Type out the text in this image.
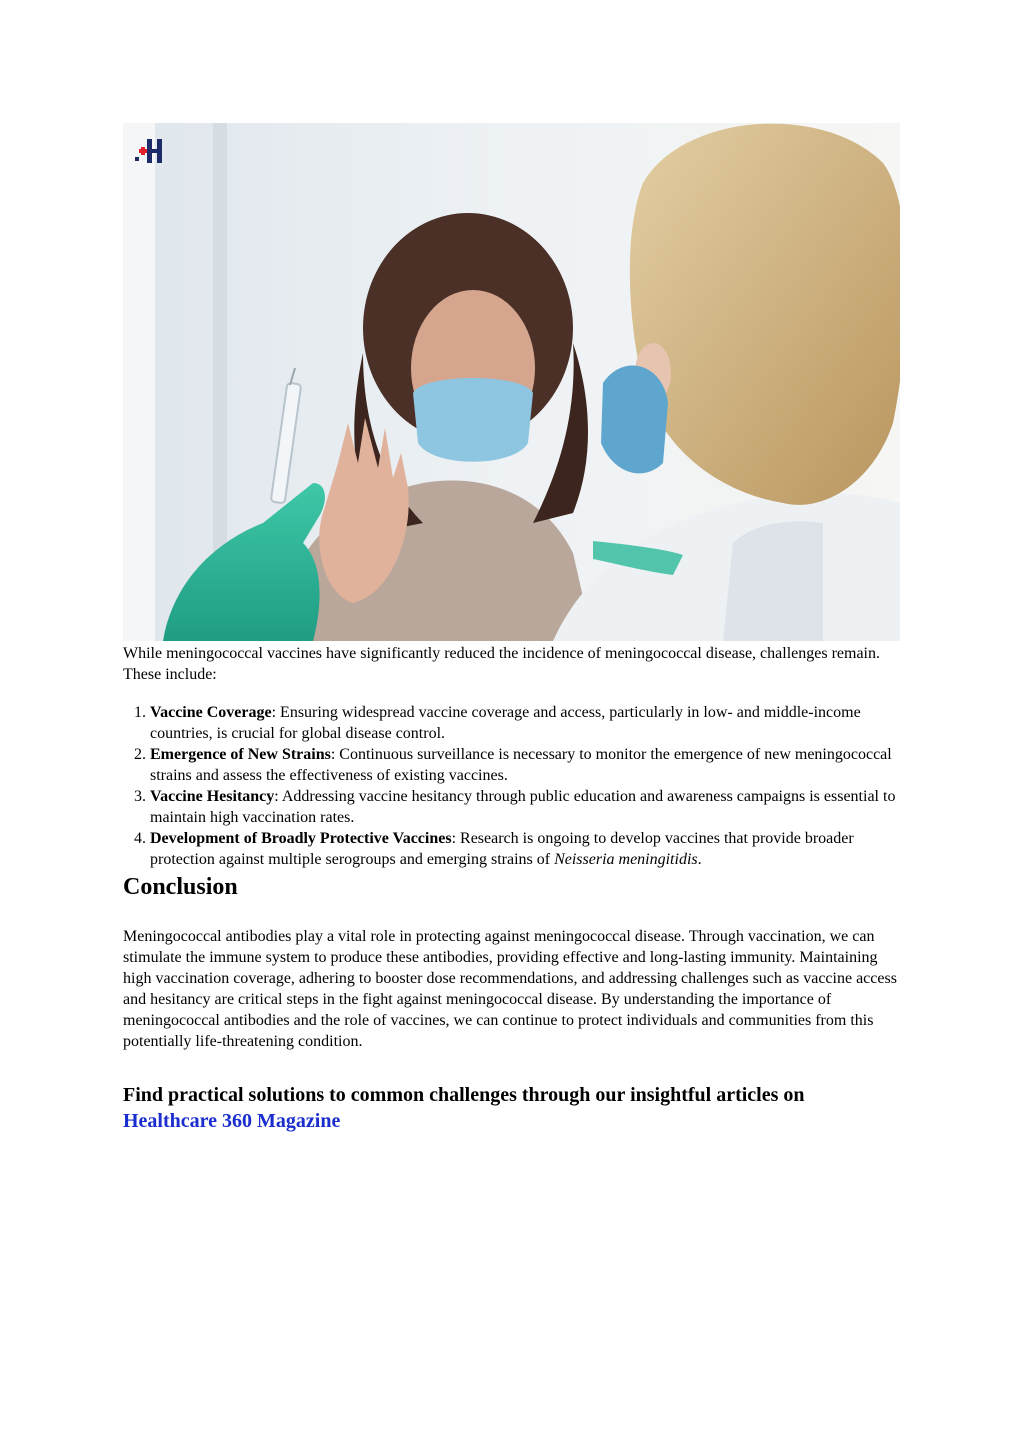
While meningococcal vaccines have significantly reduced the incidence of meningococcal disease, challenges remain. These include:

1. Vaccine Coverage: Ensuring widespread vaccine coverage and access, particularly in low- and middle-income countries, is crucial for global disease control.
2. Emergence of New Strains: Continuous surveillance is necessary to monitor the emergence of new meningococcal strains and assess the effectiveness of existing vaccines.
3. Vaccine Hesitancy: Addressing vaccine hesitancy through public education and awareness campaigns is essential to maintain high vaccination rates.
4. Development of Broadly Protective Vaccines: Research is ongoing to develop vaccines that provide broader protection against multiple serogroups and emerging strains of Neisseria meningitidis.
Conclusion

Meningococcal antibodies play a vital role in protecting against meningococcal disease. Through vaccination, we can stimulate the immune system to produce these antibodies, providing effective and long-lasting immunity. Maintaining high vaccination coverage, adhering to booster dose recommendations, and addressing challenges such as vaccine access and hesitancy are critical steps in the fight against meningococcal disease. By understanding the importance of meningococcal antibodies and the role of vaccines, we can continue to protect individuals and communities from this potentially life-threatening condition.

Find practical solutions to common challenges through our insightful articles on Healthcare 360 Magazine
